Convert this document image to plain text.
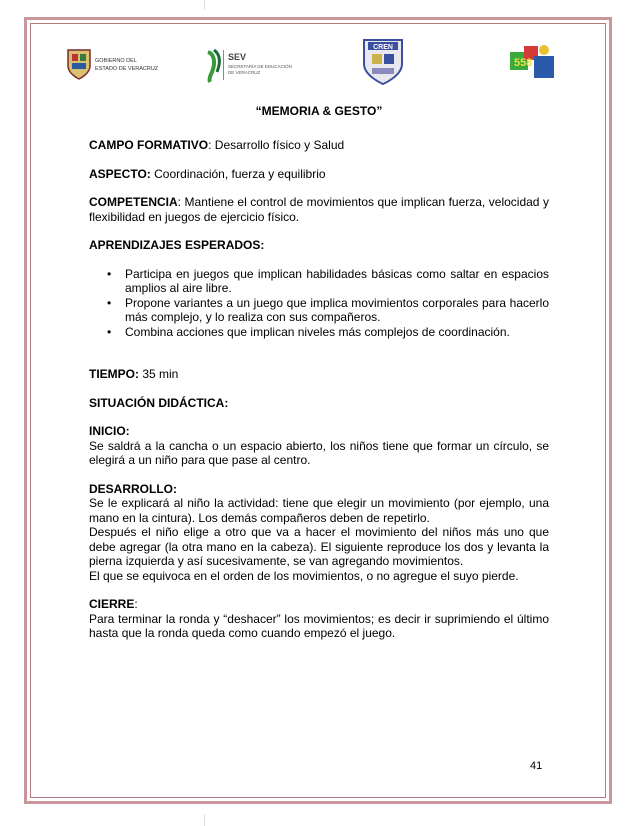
GOBIERNO DEL
ESTADO DE VERACRUZ
SEV
SECRETARÍA DE EDUCACIÓN
DE VERACRUZ
CREN
558
“MEMORIA & GESTO”

CAMPO FORMATIVO: Desarrollo físico y Salud

ASPECTO: Coordinación, fuerza y equilibrio

COMPETENCIA: Mantiene el control de movimientos que implican fuerza, velocidad y flexibilidad en juegos de ejercicio físico.

APRENDIZAJES ESPERADOS:

• Participa en juegos que implican habilidades básicas como saltar en espacios amplios al aire libre.
• Propone variantes a un juego que implica movimientos corporales para hacerlo más complejo, y lo realiza con sus compañeros.
• Combina acciones que implican niveles más complejos de coordinación.

TIEMPO: 35 min

SITUACIÓN DIDÁCTICA:

INICIO:

Se saldrá a la cancha o un espacio abierto, los niños tiene que formar un círculo, se elegirá a un niño para que pase al centro.

DESARROLLO:

Se le explicará al niño la actividad: tiene que elegir un movimiento (por ejemplo, una mano en la cintura). Los demás compañeros deben de repetirlo.

Después el niño elige a otro que va a hacer el movimiento del niños más uno que debe agregar (la otra mano en la cabeza). El siguiente reproduce los dos y levanta la pierna izquierda y así sucesivamente, se van agregando movimientos.

El que se equivoca en el orden de los movimientos, o no agregue el suyo pierde.

CIERRE:

Para terminar la ronda y “deshacer” los movimientos; es decir ir suprimiendo el último hasta que la ronda queda como cuando empezó el juego.

41
